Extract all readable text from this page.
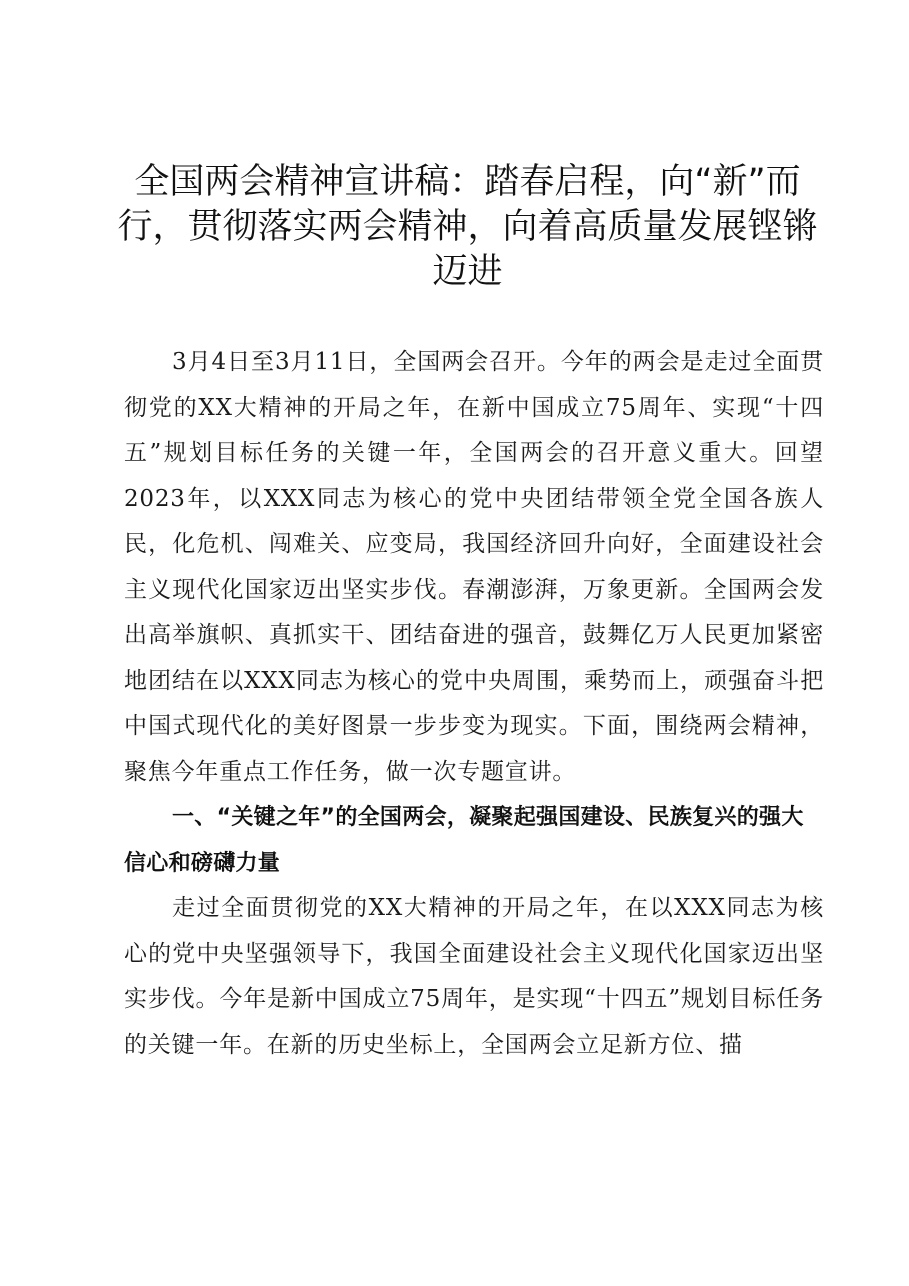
全国两会精神宣讲稿：踏春启程，向“新”而行，贯彻落实两会精神，向着高质量发展铿锵迈进

3月4日至3月11日，全国两会召开。今年的两会是走过全面贯彻党的XX大精神的开局之年，在新中国成立75周年、实现“十四五”规划目标任务的关键一年，全国两会的召开意义重大。回望2023年，以XXX同志为核心的党中央团结带领全党全国各族人民，化危机、闯难关、应变局，我国经济回升向好，全面建设社会主义现代化国家迈出坚实步伐。春潮澎湃，万象更新。全国两会发出高举旗帜、真抓实干、团结奋进的强音，鼓舞亿万人民更加紧密地团结在以XXX同志为核心的党中央周围，乘势而上，顽强奋斗把中国式现代化的美好图景一步步变为现实。下面，围绕两会精神，聚焦今年重点工作任务，做一次专题宣讲。

一、“关键之年”的全国两会，凝聚起强国建设、民族复兴的强大信心和磅礴力量

走过全面贯彻党的XX大精神的开局之年，在以XXX同志为核心的党中央坚强领导下，我国全面建设社会主义现代化国家迈出坚实步伐。今年是新中国成立75周年，是实现“十四五”规划目标任务的关键一年。在新的历史坐标上，全国两会立足新方位、描
